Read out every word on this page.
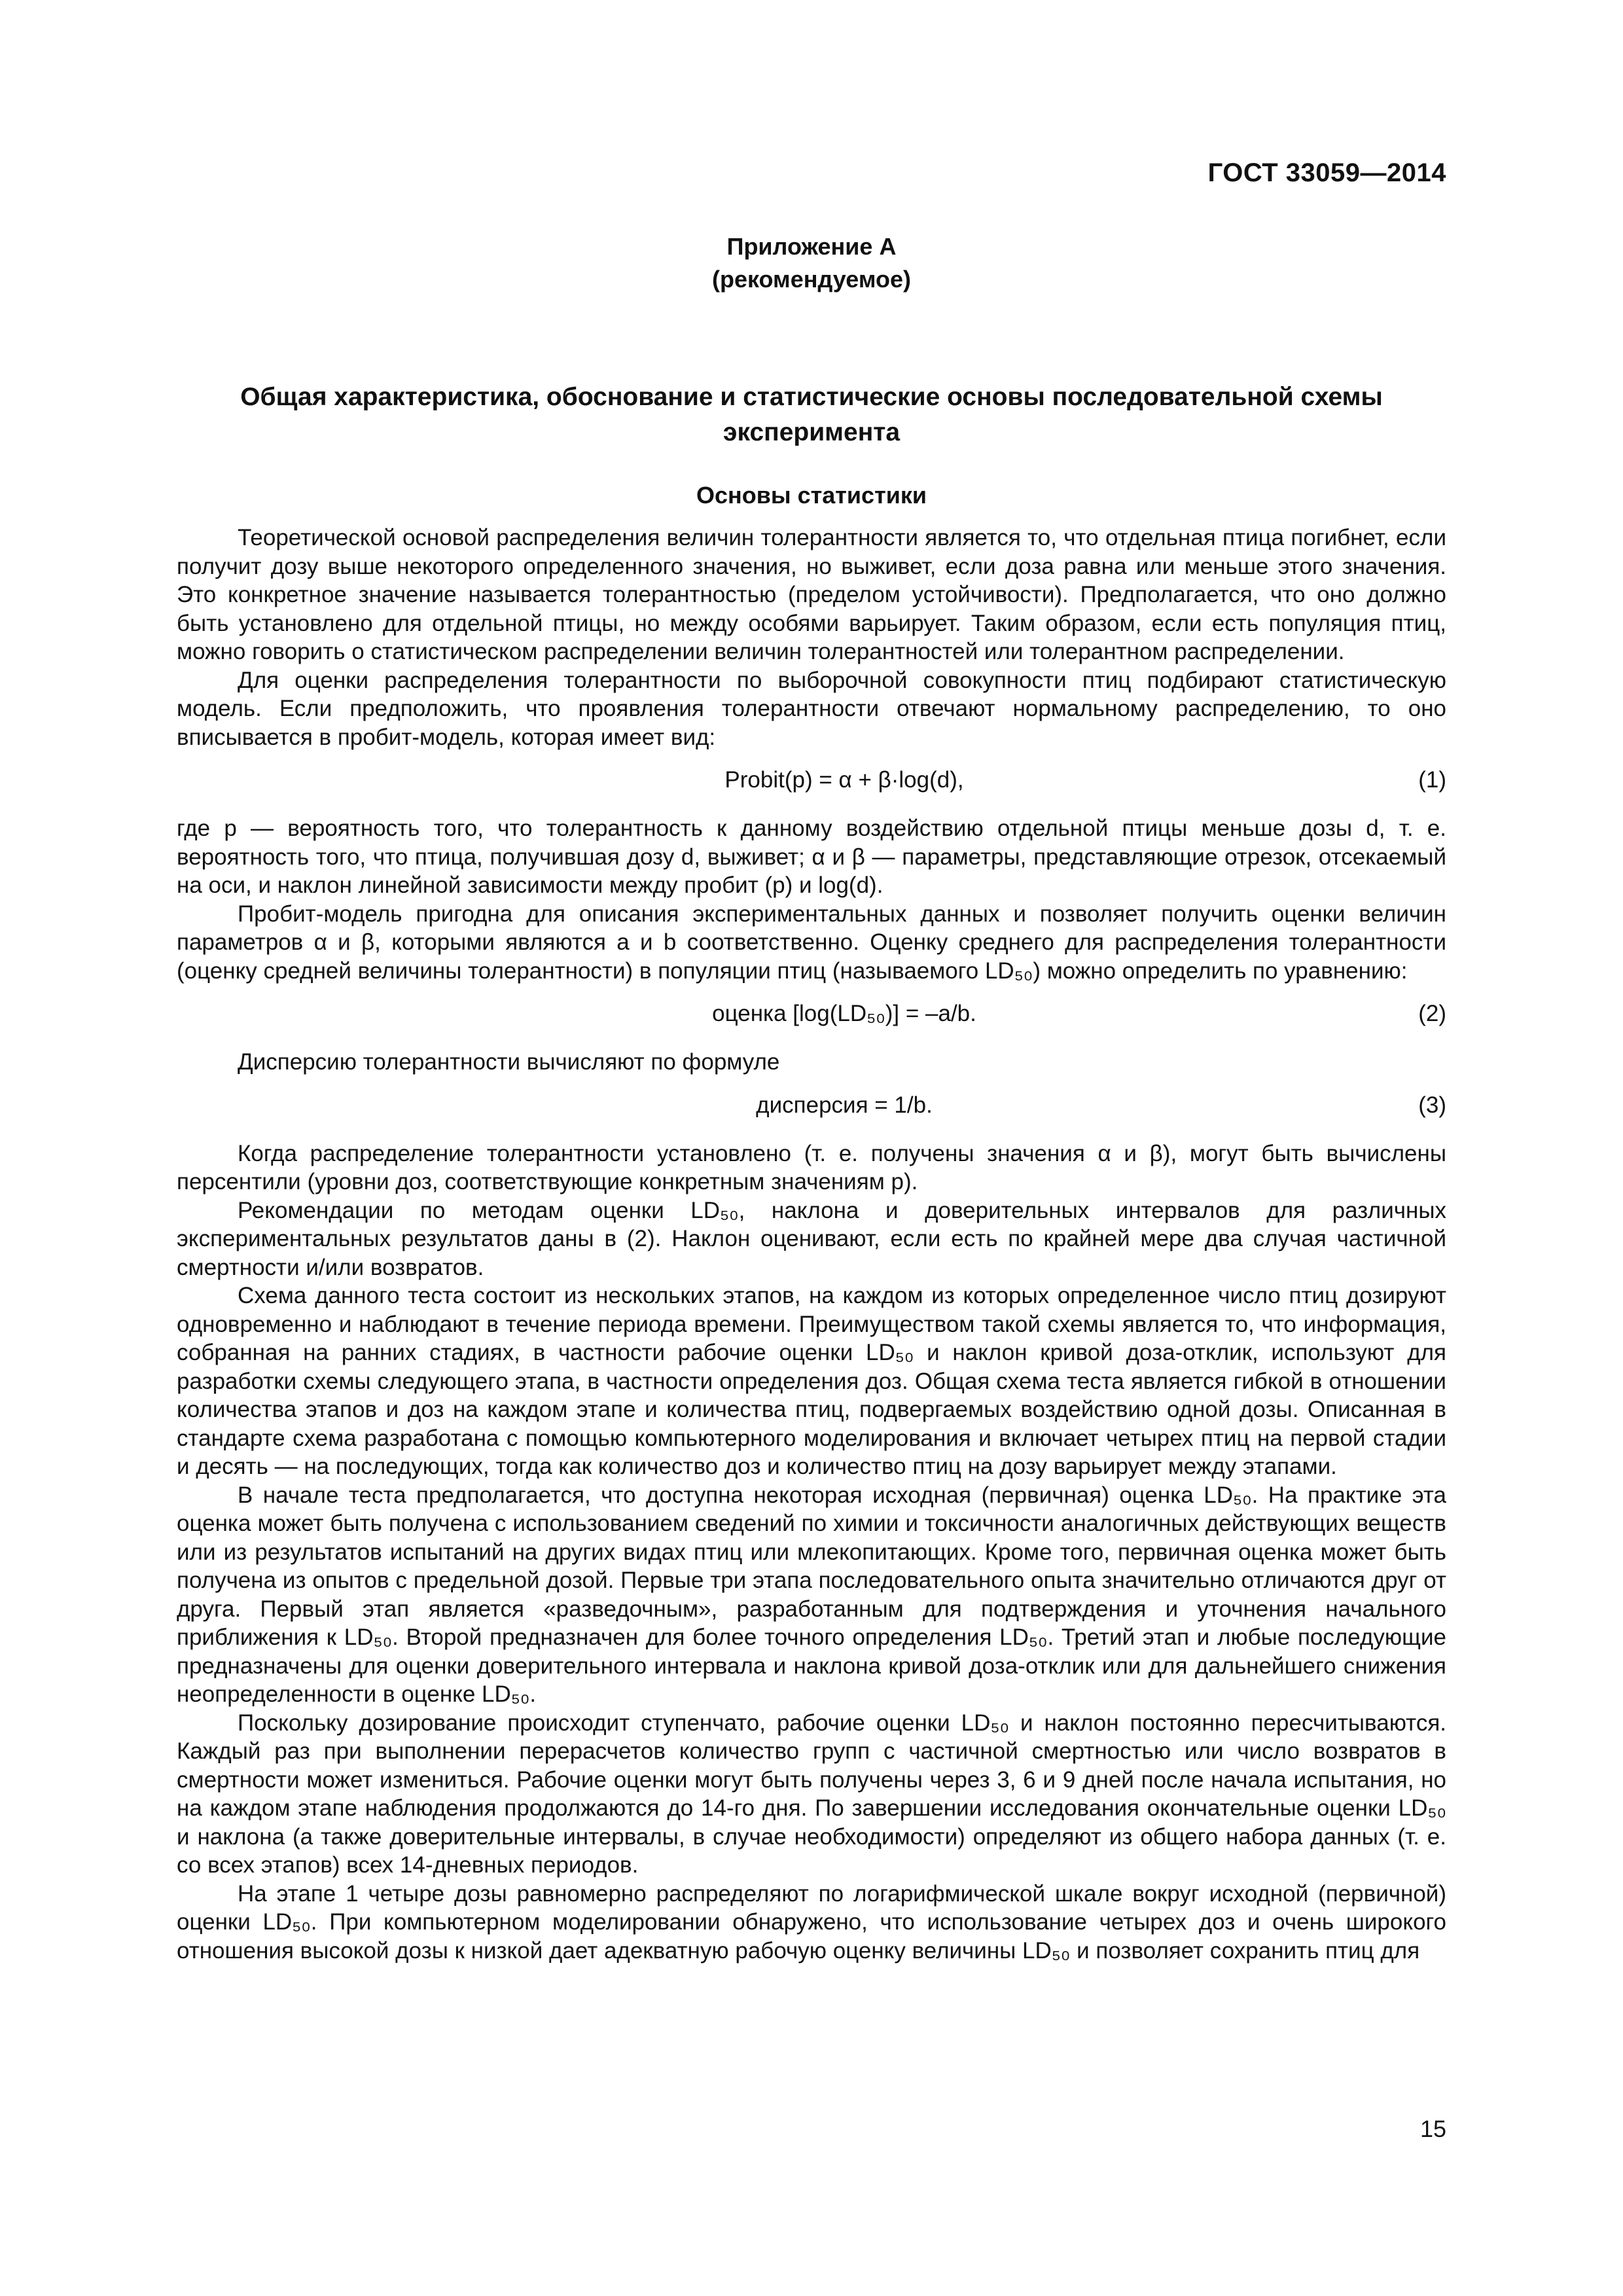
ГОСТ 33059—2014
Приложение А
(рекомендуемое)
Общая характеристика, обоснование и статистические основы последовательной схемы
эксперимента
Основы статистики

Теоретической основой распределения величин толерантности является то, что отдельная птица погибнет, если получит дозу выше некоторого определенного значения, но выживет, если доза равна или меньше этого значения. Это конкретное значение называется толерантностью (пределом устойчивости). Предполагается, что оно должно быть установлено для отдельной птицы, но между особями варьирует. Таким образом, если есть популяция птиц, можно говорить о статистическом распределении величин толерантностей или толерантном распределении.

Для оценки распределения толерантности по выборочной совокупности птиц подбирают статистическую модель. Если предположить, что проявления толерантности отвечают нормальному распределению, то оно вписывается в пробит-модель, которая имеет вид:

Probit(p) = α + β·log(d),	(1)

где p — вероятность того, что толерантность к данному воздействию отдельной птицы меньше дозы d, т. е. вероятность того, что птица, получившая дозу d, выживет; α и β — параметры, представляющие отрезок, отсекаемый на оси, и наклон линейной зависимости между пробит (p) и log(d).

Пробит-модель пригодна для описания экспериментальных данных и позволяет получить оценки величин параметров α и β, которыми являются a и b соответственно. Оценку среднего для распределения толерантности (оценку средней величины толерантности) в популяции птиц (называемого LD₅₀) можно определить по уравнению:

оценка [log(LD₅₀)] = –a/b.	(2)

Дисперсию толерантности вычисляют по формуле

дисперсия = 1/b.	(3)

Когда распределение толерантности установлено (т. е. получены значения α и β), могут быть вычислены персентили (уровни доз, соответствующие конкретным значениям p).

Рекомендации по методам оценки LD₅₀, наклона и доверительных интервалов для различных экспериментальных результатов даны в (2). Наклон оценивают, если есть по крайней мере два случая частичной смертности и/или возвратов.

Схема данного теста состоит из нескольких этапов, на каждом из которых определенное число птиц дозируют одновременно и наблюдают в течение периода времени. Преимуществом такой схемы является то, что информация, собранная на ранних стадиях, в частности рабочие оценки LD₅₀ и наклон кривой доза-отклик, используют для разработки схемы следующего этапа, в частности определения доз. Общая схема теста является гибкой в отношении количества этапов и доз на каждом этапе и количества птиц, подвергаемых воздействию одной дозы. Описанная в стандарте схема разработана с помощью компьютерного моделирования и включает четырех птиц на первой стадии и десять — на последующих, тогда как количество доз и количество птиц на дозу варьирует между этапами.

В начале теста предполагается, что доступна некоторая исходная (первичная) оценка LD₅₀. На практике эта оценка может быть получена с использованием сведений по химии и токсичности аналогичных действующих веществ или из результатов испытаний на других видах птиц или млекопитающих. Кроме того, первичная оценка может быть получена из опытов с предельной дозой. Первые три этапа последовательного опыта значительно отличаются друг от друга. Первый этап является «разведочным», разработанным для подтверждения и уточнения начального приближения к LD₅₀. Второй предназначен для более точного определения LD₅₀. Третий этап и любые последующие предназначены для оценки доверительного интервала и наклона кривой доза-отклик или для дальнейшего снижения неопределенности в оценке LD₅₀.

Поскольку дозирование происходит ступенчато, рабочие оценки LD₅₀ и наклон постоянно пересчитываются. Каждый раз при выполнении перерасчетов количество групп с частичной смертностью или число возвратов в смертности может измениться. Рабочие оценки могут быть получены через 3, 6 и 9 дней после начала испытания, но на каждом этапе наблюдения продолжаются до 14-го дня. По завершении исследования окончательные оценки LD₅₀ и наклона (а также доверительные интервалы, в случае необходимости) определяют из общего набора данных (т. е. со всех этапов) всех 14-дневных периодов.

На этапе 1 четыре дозы равномерно распределяют по логарифмической шкале вокруг исходной (первичной) оценки LD₅₀. При компьютерном моделировании обнаружено, что использование четырех доз и очень широкого отношения высокой дозы к низкой дает адекватную рабочую оценку величины LD₅₀ и позволяет сохранить птиц для

15
